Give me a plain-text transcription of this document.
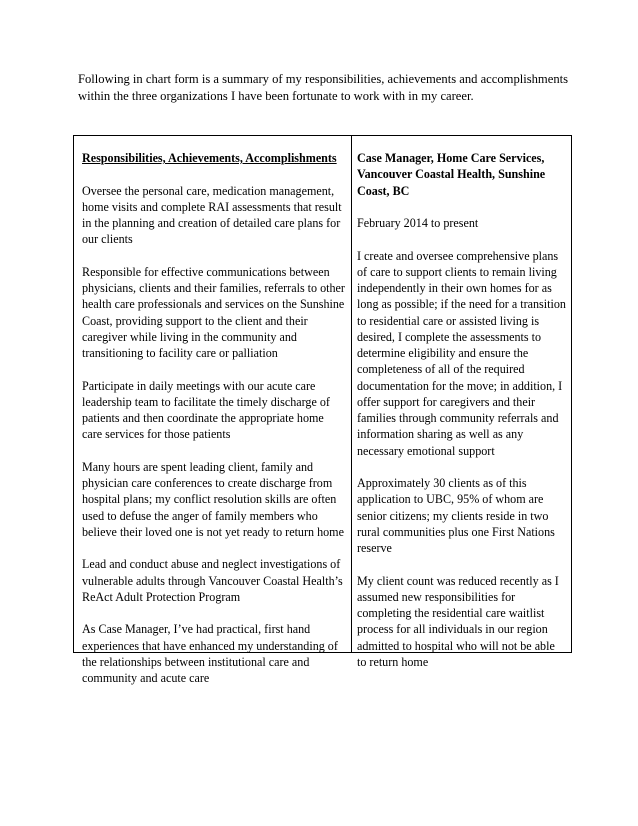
Following in chart form is a summary of my responsibilities, achievements and accomplishments within the three organizations I have been fortunate to work with in my career.

Responsibilities, Achievements, Accomplishments
Oversee the personal care, medication management, home visits and complete RAI assessments that result in the planning and creation of detailed care plans for our clients
Responsible for effective communications between physicians, clients and their families, referrals to other health care professionals and services on the Sunshine Coast, providing support to the client and their caregiver while living in the community and transitioning to facility care or palliation
Participate in daily meetings with our acute care leadership team to facilitate the timely discharge of patients and then coordinate the appropriate home care services for those patients
Many hours are spent leading client, family and physician care conferences to create discharge from hospital plans; my conflict resolution skills are often used to defuse the anger of family members who believe their loved one is not yet ready to return home
Lead and conduct abuse and neglect investigations of vulnerable adults through Vancouver Coastal Health’s ReAct Adult Protection Program
As Case Manager, I’ve had practical, first hand experiences that have enhanced my understanding of the relationships between institutional care and community and acute care
Case Manager, Home Care Services, Vancouver Coastal Health, Sunshine Coast, BC
February 2014 to present
I create and oversee comprehensive plans of care to support clients to remain living independently in their own homes for as long as possible; if the need for a transition to residential care or assisted living is desired, I complete the assessments to determine eligibility and ensure the completeness of all of the required documentation for the move; in addition, I offer support for caregivers and their families through community referrals and information sharing as well as any necessary emotional support
Approximately 30 clients as of this application to UBC, 95% of whom are senior citizens; my clients reside in two rural communities plus one First Nations reserve
My client count was reduced recently as I assumed new responsibilities for completing the residential care waitlist process for all individuals in our region admitted to hospital who will not be able to return home
